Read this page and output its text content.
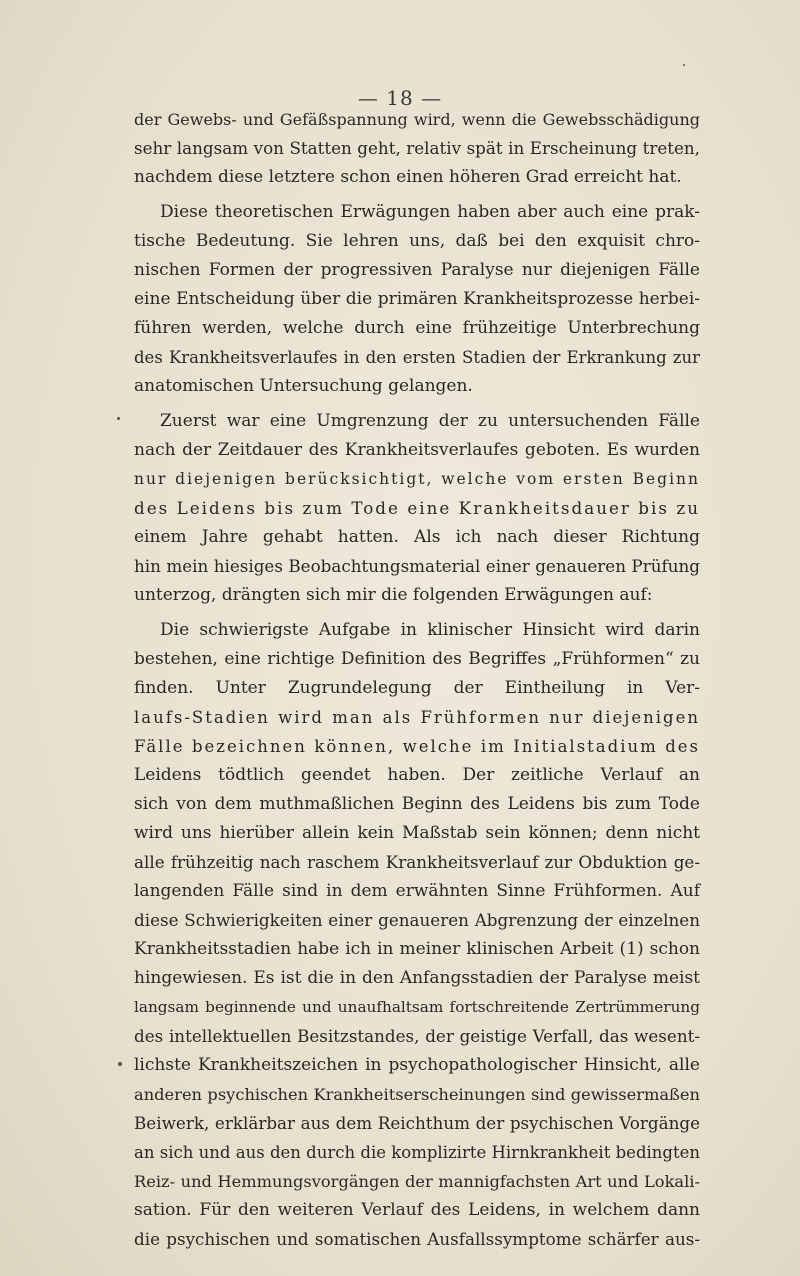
— 18 —

der Gewebs- und Gefäßspannung wird, wenn die Gewebsschädigung
sehr langsam von Statten geht, relativ spät in Erscheinung treten,
nachdem diese letztere schon einen höheren Grad erreicht hat.

Diese theoretischen Erwägungen haben aber auch eine prak-
tische Bedeutung. Sie lehren uns, daß bei den exquisit chro-
nischen Formen der progressiven Paralyse nur diejenigen Fälle
eine Entscheidung über die primären Krankheitsprozesse herbei-
führen werden, welche durch eine frühzeitige Unterbrechung
des Krankheitsverlaufes in den ersten Stadien der Erkrankung zur
anatomischen Untersuchung gelangen.

Zuerst war eine Umgrenzung der zu untersuchenden Fälle
nach der Zeitdauer des Krankheitsverlaufes geboten. Es wurden
nur diejenigen berücksichtigt, welche vom ersten Beginn
des Leidens bis zum Tode eine Krankheitsdauer bis zu
einem Jahre gehabt hatten. Als ich nach dieser Richtung
hin mein hiesiges Beobachtungsmaterial einer genaueren Prüfung
unterzog, drängten sich mir die folgenden Erwägungen auf:

Die schwierigste Aufgabe in klinischer Hinsicht wird darin
bestehen, eine richtige Definition des Begriffes „Frühformen“ zu
finden. Unter Zugrundelegung der Eintheilung in Ver-
laufs-Stadien wird man als Frühformen nur diejenigen
Fälle bezeichnen können, welche im Initialstadium des
Leidens tödtlich geendet haben. Der zeitliche Verlauf an
sich von dem muthmaßlichen Beginn des Leidens bis zum Tode
wird uns hierüber allein kein Maßstab sein können; denn nicht
alle frühzeitig nach raschem Krankheitsverlauf zur Obduktion ge-
langenden Fälle sind in dem erwähnten Sinne Frühformen. Auf
diese Schwierigkeiten einer genaueren Abgrenzung der einzelnen
Krankheitsstadien habe ich in meiner klinischen Arbeit (1) schon
hingewiesen. Es ist die in den Anfangsstadien der Paralyse meist
langsam beginnende und unaufhaltsam fortschreitende Zertrümmerung
des intellektuellen Besitzstandes, der geistige Verfall, das wesent-
lichste Krankheitszeichen in psychopathologischer Hinsicht, alle
anderen psychischen Krankheitserscheinungen sind gewissermaßen
Beiwerk, erklärbar aus dem Reichthum der psychischen Vorgänge
an sich und aus den durch die komplizirte Hirnkrankheit bedingten
Reiz- und Hemmungsvorgängen der mannigfachsten Art und Lokali-
sation. Für den weiteren Verlauf des Leidens, in welchem dann
die psychischen und somatischen Ausfallssymptome schärfer aus-
